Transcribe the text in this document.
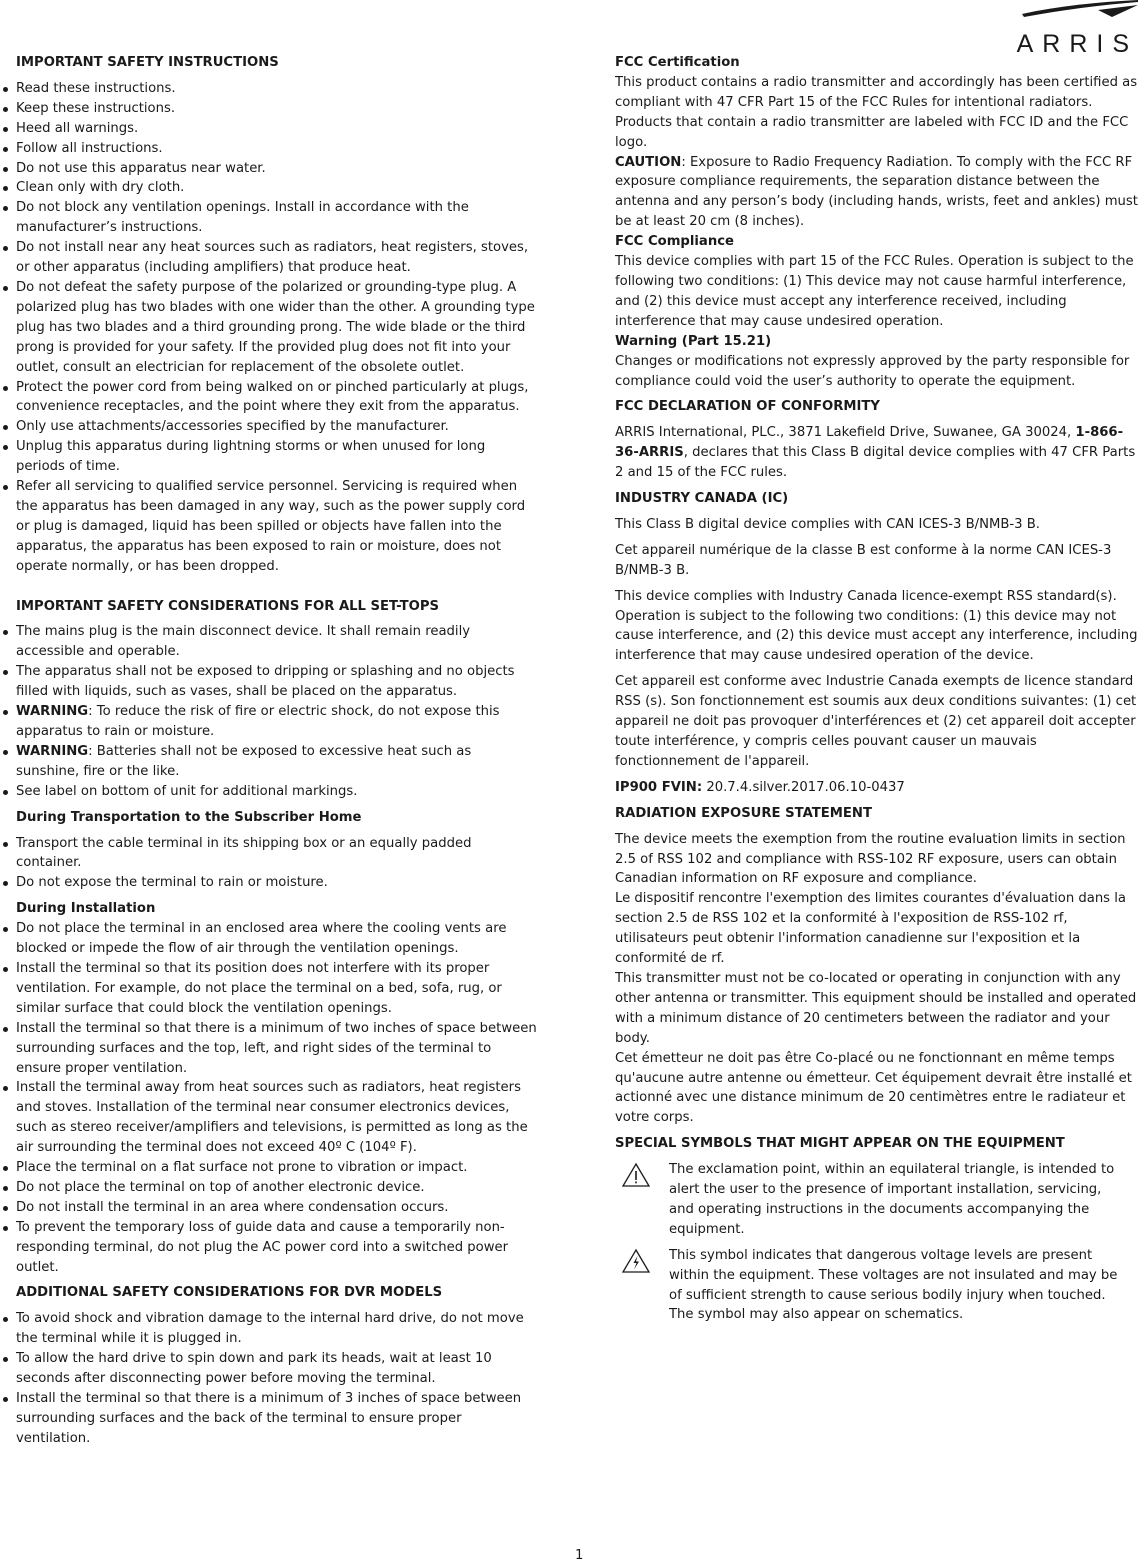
ARRIS
IMPORTANT SAFETY INSTRUCTIONS
Read these instructions.
Keep these instructions.
Heed all warnings.
Follow all instructions.
Do not use this apparatus near water.
Clean only with dry cloth.
Do not block any ventilation openings. Install in accordance with the manufacturer’s instructions.
Do not install near any heat sources such as radiators, heat registers, stoves, or other apparatus (including amplifiers) that produce heat.
Do not defeat the safety purpose of the polarized or grounding-type plug. A polarized plug has two blades with one wider than the other. A grounding type plug has two blades and a third grounding prong. The wide blade or the third prong is provided for your safety. If the provided plug does not fit into your outlet, consult an electrician for replacement of the obsolete outlet.
Protect the power cord from being walked on or pinched particularly at plugs, convenience receptacles, and the point where they exit from the apparatus.
Only use attachments/accessories specified by the manufacturer.
Unplug this apparatus during lightning storms or when unused for long periods of time.
Refer all servicing to qualified service personnel. Servicing is required when the apparatus has been damaged in any way, such as the power supply cord or plug is damaged, liquid has been spilled or objects have fallen into the apparatus, the apparatus has been exposed to rain or moisture, does not operate normally, or has been dropped.
IMPORTANT SAFETY CONSIDERATIONS FOR ALL SET-TOPS
The mains plug is the main disconnect device. It shall remain readily accessible and operable.
The apparatus shall not be exposed to dripping or splashing and no objects filled with liquids, such as vases, shall be placed on the apparatus.
WARNING: To reduce the risk of fire or electric shock, do not expose this apparatus to rain or moisture.
WARNING: Batteries shall not be exposed to excessive heat such as sunshine, fire or the like.
See label on bottom of unit for additional markings.
During Transportation to the Subscriber Home
Transport the cable terminal in its shipping box or an equally padded container.
Do not expose the terminal to rain or moisture.
During Installation
Do not place the terminal in an enclosed area where the cooling vents are blocked or impede the flow of air through the ventilation openings.
Install the terminal so that its position does not interfere with its proper ventilation. For example, do not place the terminal on a bed, sofa, rug, or similar surface that could block the ventilation openings.
Install the terminal so that there is a minimum of two inches of space between surrounding surfaces and the top, left, and right sides of the terminal to ensure proper ventilation.
Install the terminal away from heat sources such as radiators, heat registers and stoves. Installation of the terminal near consumer electronics devices, such as stereo receiver/amplifiers and televisions, is permitted as long as the air surrounding the terminal does not exceed 40º C (104º F).
Place the terminal on a flat surface not prone to vibration or impact.
Do not place the terminal on top of another electronic device.
Do not install the terminal in an area where condensation occurs.
To prevent the temporary loss of guide data and cause a temporarily non-responding terminal, do not plug the AC power cord into a switched power outlet.
ADDITIONAL SAFETY CONSIDERATIONS FOR DVR MODELS
To avoid shock and vibration damage to the internal hard drive, do not move the terminal while it is plugged in.
To allow the hard drive to spin down and park its heads, wait at least 10 seconds after disconnecting power before moving the terminal.
Install the terminal so that there is a minimum of 3 inches of space between surrounding surfaces and the back of the terminal to ensure proper ventilation.
FCC Certification
This product contains a radio transmitter and accordingly has been certified as compliant with 47 CFR Part 15 of the FCC Rules for intentional radiators. Products that contain a radio transmitter are labeled with FCC ID and the FCC logo.
CAUTION: Exposure to Radio Frequency Radiation. To comply with the FCC RF exposure compliance requirements, the separation distance between the antenna and any person’s body (including hands, wrists, feet and ankles) must be at least 20 cm (8 inches).
FCC Compliance
This device complies with part 15 of the FCC Rules. Operation is subject to the following two conditions: (1) This device may not cause harmful interference, and (2) this device must accept any interference received, including interference that may cause undesired operation.
Warning (Part 15.21)

Changes or modifications not expressly approved by the party responsible for compliance could void the user’s authority to operate the equipment.

FCC DECLARATION OF CONFORMITY

ARRIS International, PLC., 3871 Lakefield Drive, Suwanee, GA 30024, 1-866-36-ARRIS, declares that this Class B digital device complies with 47 CFR Parts 2 and 15 of the FCC rules.

INDUSTRY CANADA (IC)

This Class B digital device complies with CAN ICES-3 B/NMB-3 B.

Cet appareil numérique de la classe B est conforme à la norme CAN ICES-3 B/NMB-3 B.

This device complies with Industry Canada licence-exempt RSS standard(s). Operation is subject to the following two conditions: (1) this device may not cause interference, and (2) this device must accept any interference, including interference that may cause undesired operation of the device.

Cet appareil est conforme avec Industrie Canada exempts de licence standard RSS (s). Son fonctionnement est soumis aux deux conditions suivantes: (1) cet appareil ne doit pas provoquer d'interférences et (2) cet appareil doit accepter toute interférence, y compris celles pouvant causer un mauvais fonctionnement de l'appareil.

IP900 FVIN: 20.7.4.silver.2017.06.10-0437

RADIATION EXPOSURE STATEMENT
The device meets the exemption from the routine evaluation limits in section 2.5 of RSS 102 and compliance with RSS-102 RF exposure, users can obtain Canadian information on RF exposure and compliance.
Le dispositif rencontre l'exemption des limites courantes d'évaluation dans la section 2.5 de RSS 102 et la conformité à l'exposition de RSS-102 rf, utilisateurs peut obtenir l'information canadienne sur l'exposition et la conformité de rf.
This transmitter must not be co-located or operating in conjunction with any other antenna or transmitter. This equipment should be installed and operated with a minimum distance of 20 centimeters between the radiator and your body.

Cet émetteur ne doit pas être Co-placé ou ne fonctionnant en même temps qu'aucune autre antenne ou émetteur. Cet équipement devrait être installé et actionné avec une distance minimum de 20 centimètres entre le radiateur et votre corps.

SPECIAL SYMBOLS THAT MIGHT APPEAR ON THE EQUIPMENT
The exclamation point, within an equilateral triangle, is intended to alert the user to the presence of important installation, servicing, and operating instructions in the documents accompanying the equipment.
This symbol indicates that dangerous voltage levels are present within the equipment. These voltages are not insulated and may be of sufficient strength to cause serious bodily injury when touched. The symbol may also appear on schematics.
1
